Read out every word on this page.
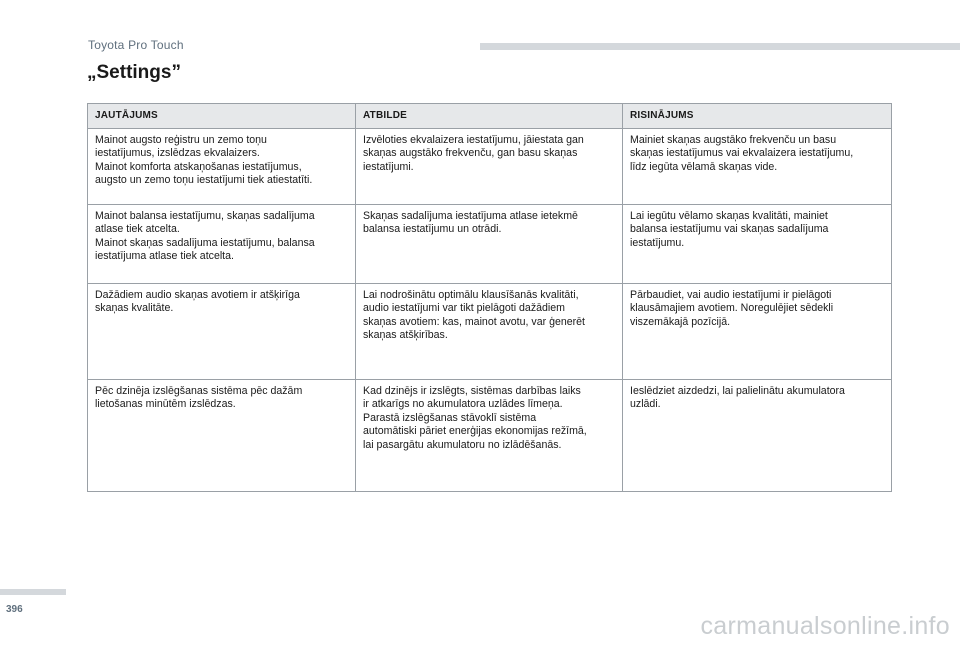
Toyota Pro Touch
„Settings”
JAUTĀJUMS	ATBILDE	RISINĀJUMS

Mainot augsto reģistru un zemo toņu
iestatījumus, izslēdzas ekvalaizers.
Mainot komforta atskaņošanas iestatījumus,
augsto un zemo toņu iestatījumi tiek atiestatīti.	Izvēloties ekvalaizera iestatījumu, jāiestata gan
skaņas augstāko frekvenču, gan basu skaņas
iestatījumi.	Mainiet skaņas augstāko frekvenču un basu
skaņas iestatījumus vai ekvalaizera iestatījumu,
līdz iegūta vēlamā skaņas vide.

Mainot balansa iestatījumu, skaņas sadalījuma
atlase tiek atcelta.
Mainot skaņas sadalījuma iestatījumu, balansa
iestatījuma atlase tiek atcelta.	Skaņas sadalījuma iestatījuma atlase ietekmē
balansa iestatījumu un otrādi.	Lai iegūtu vēlamo skaņas kvalitāti, mainiet
balansa iestatījumu vai skaņas sadalījuma
iestatījumu.

Dažādiem audio skaņas avotiem ir atšķirīga
skaņas kvalitāte.	Lai nodrošinātu optimālu klausīšanās kvalitāti,
audio iestatījumi var tikt pielāgoti dažādiem
skaņas avotiem: kas, mainot avotu, var ģenerēt
skaņas atšķirības.	Pārbaudiet, vai audio iestatījumi ir pielāgoti
klausāmajiem avotiem. Noregulējiet sēdekli
viszemākajā pozīcijā.

Pēc dzinēja izslēgšanas sistēma pēc dažām
lietošanas minūtēm izslēdzas.	Kad dzinējs ir izslēgts, sistēmas darbības laiks
ir atkarīgs no akumulatora uzlādes līmeņa.
Parastā izslēgšanas stāvoklī sistēma
automātiski pāriet enerģijas ekonomijas režīmā,
lai pasargātu akumulatoru no izlādēšanās.	Ieslēdziet aizdedzi, lai palielinātu akumulatora
uzlādi.
396
carmanualsonline.info
